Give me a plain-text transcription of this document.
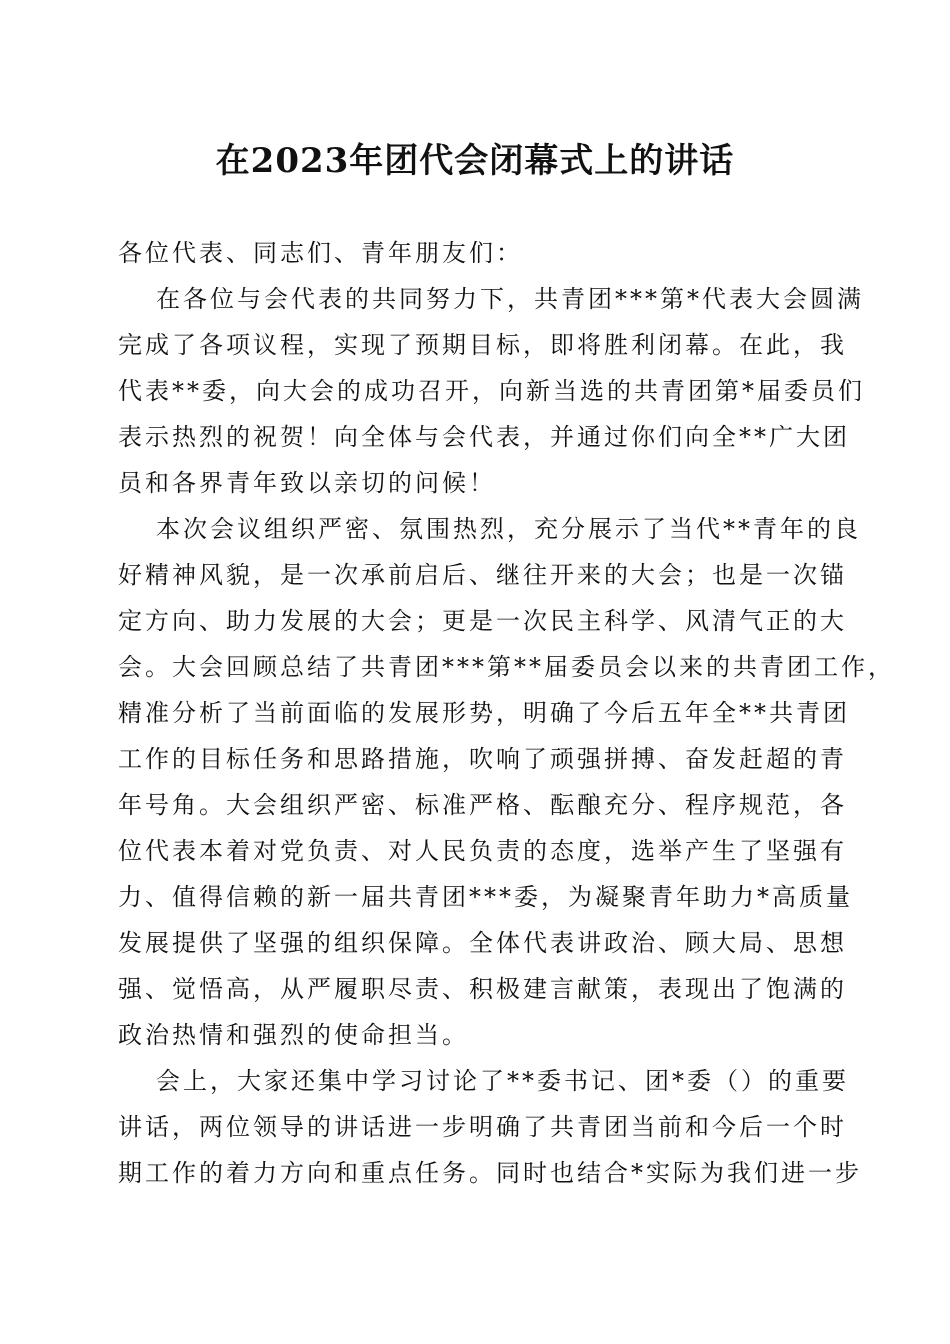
在2023年团代会闭幕式上的讲话
各位代表、同志们、青年朋友们：
在各位与会代表的共同努力下，共青团***第*代表大会圆满
完成了各项议程，实现了预期目标，即将胜利闭幕。在此，我
代表**委，向大会的成功召开，向新当选的共青团第*届委员们
表示热烈的祝贺！向全体与会代表，并通过你们向全**广大团
员和各界青年致以亲切的问候！
本次会议组织严密、氛围热烈，充分展示了当代**青年的良
好精神风貌，是一次承前启后、继往开来的大会；也是一次锚
定方向、助力发展的大会；更是一次民主科学、风清气正的大
会。大会回顾总结了共青团***第**届委员会以来的共青团工作，
精准分析了当前面临的发展形势，明确了今后五年全**共青团
工作的目标任务和思路措施，吹响了顽强拼搏、奋发赶超的青
年号角。大会组织严密、标准严格、酝酿充分、程序规范，各
位代表本着对党负责、对人民负责的态度，选举产生了坚强有
力、值得信赖的新一届共青团***委，为凝聚青年助力*高质量
发展提供了坚强的组织保障。全体代表讲政治、顾大局、思想
强、觉悟高，从严履职尽责、积极建言献策，表现出了饱满的
政治热情和强烈的使命担当。
会上，大家还集中学习讨论了**委书记、团*委（）的重要
讲话，两位领导的讲话进一步明确了共青团当前和今后一个时
期工作的着力方向和重点任务。同时也结合*实际为我们进一步
